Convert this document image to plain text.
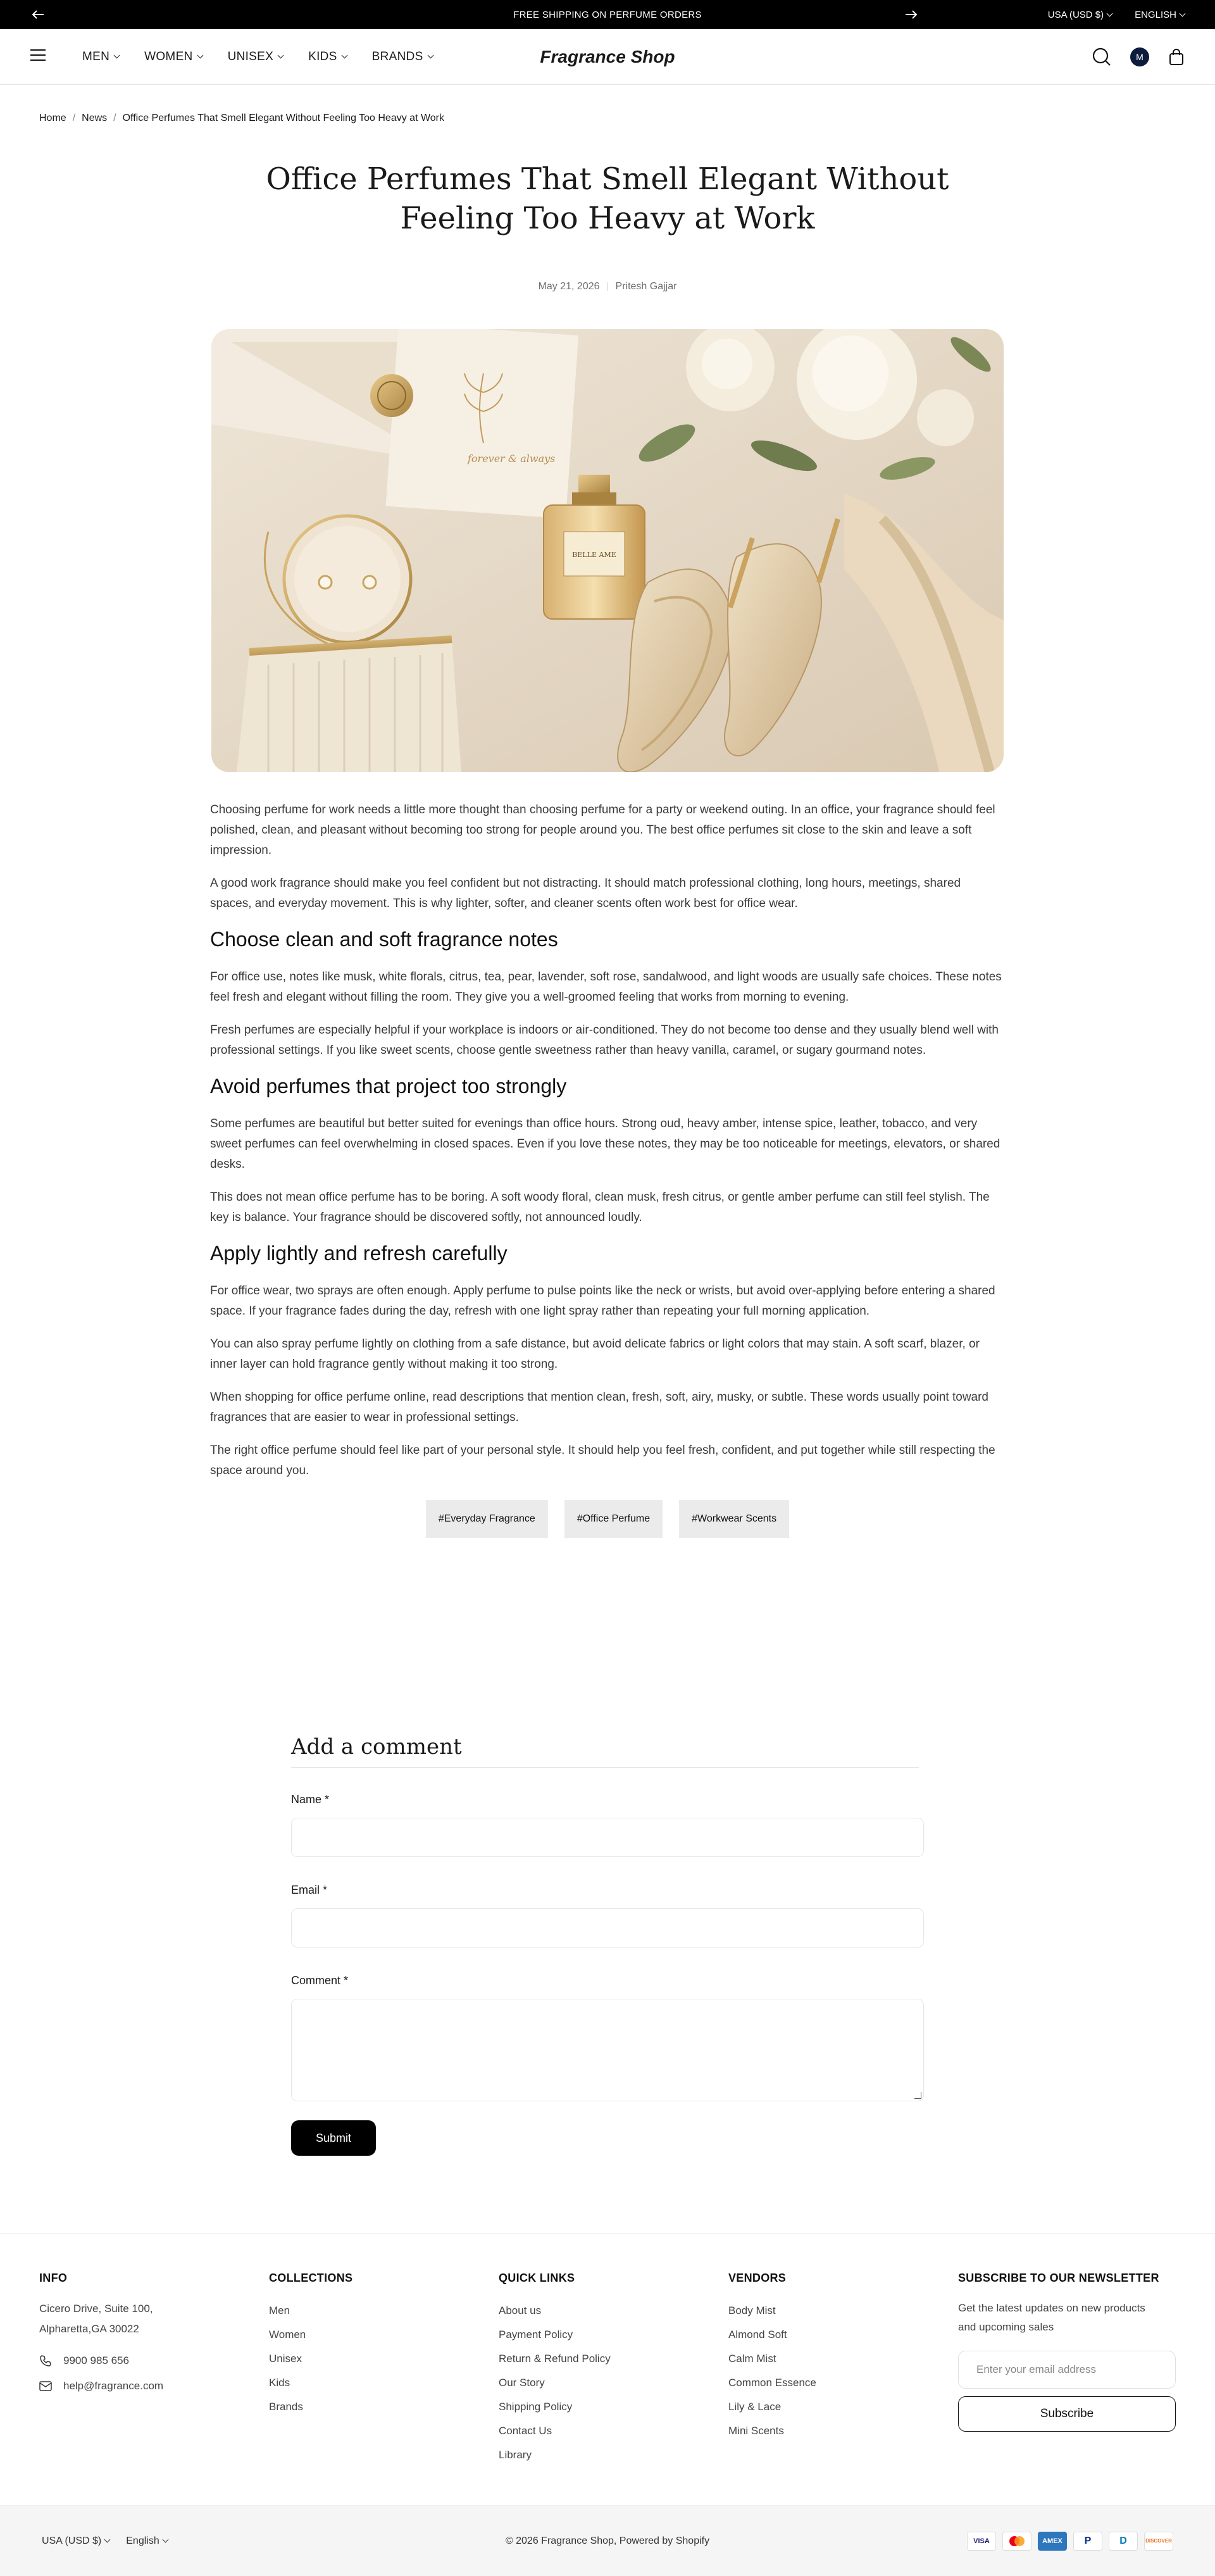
FREE SHIPPING ON PERFUME ORDERS	USA (USD $)	ENGLISH
MEN	WOMEN	UNISEX	KIDS	BRANDS	Fragrance Shop	M
Home / News / Office Perfumes That Smell Elegant Without Feeling Too Heavy at Work
Office Perfumes That Smell Elegant Without Feeling Too Heavy at Work
May 21, 2026 Pritesh Gajjar
forever & always
BELLE AME

Choosing perfume for work needs a little more thought than choosing perfume for a party or weekend outing. In an office, your fragrance should feel polished, clean, and pleasant without becoming too strong for people around you. The best office perfumes sit close to the skin and leave a soft impression.

A good work fragrance should make you feel confident but not distracting. It should match professional clothing, long hours, meetings, shared spaces, and everyday movement. This is why lighter, softer, and cleaner scents often work best for office wear.

Choose clean and soft fragrance notes

For office use, notes like musk, white florals, citrus, tea, pear, lavender, soft rose, sandalwood, and light woods are usually safe choices. These notes feel fresh and elegant without filling the room. They give you a well-groomed feeling that works from morning to evening.

Fresh perfumes are especially helpful if your workplace is indoors or air-conditioned. They do not become too dense and they usually blend well with professional settings. If you like sweet scents, choose gentle sweetness rather than heavy vanilla, caramel, or sugary gourmand notes.

Avoid perfumes that project too strongly

Some perfumes are beautiful but better suited for evenings than office hours. Strong oud, heavy amber, intense spice, leather, tobacco, and very sweet perfumes can feel overwhelming in closed spaces. Even if you love these notes, they may be too noticeable for meetings, elevators, or shared desks.

This does not mean office perfume has to be boring. A soft woody floral, clean musk, fresh citrus, or gentle amber perfume can still feel stylish. The key is balance. Your fragrance should be discovered softly, not announced loudly.

Apply lightly and refresh carefully

For office wear, two sprays are often enough. Apply perfume to pulse points like the neck or wrists, but avoid over-applying before entering a shared space. If your fragrance fades during the day, refresh with one light spray rather than repeating your full morning application.

You can also spray perfume lightly on clothing from a safe distance, but avoid delicate fabrics or light colors that may stain. A soft scarf, blazer, or inner layer can hold fragrance gently without making it too strong.

When shopping for office perfume online, read descriptions that mention clean, fresh, soft, airy, musky, or subtle. These words usually point toward fragrances that are easier to wear in professional settings.

The right office perfume should feel like part of your personal style. It should help you feel fresh, confident, and put together while still respecting the space around you.

#Everyday Fragrance	#Office Perfume	#Workwear Scents
Add a comment
Name *
Email *
Comment *
Submit
INFO
Cicero Drive, Suite 100,
Alpharetta,GA 30022
9900 985 656
help@fragrance.com
COLLECTIONS
Men
Women
Unisex
Kids
Brands
QUICK LINKS
About us
Payment Policy
Return & Refund Policy
Our Story
Shipping Policy
Contact Us
Library
VENDORS
Body Mist
Almond Soft
Calm Mist
Common Essence
Lily & Lace
Mini Scents
SUBSCRIBE TO OUR NEWSLETTER
Get the latest updates on new products
and upcoming sales
Enter your email address
Subscribe
USA (USD $) English	© 2026 Fragrance Shop, Powered by Shopify	VISA	AMEX	P	D	DISCOVER
